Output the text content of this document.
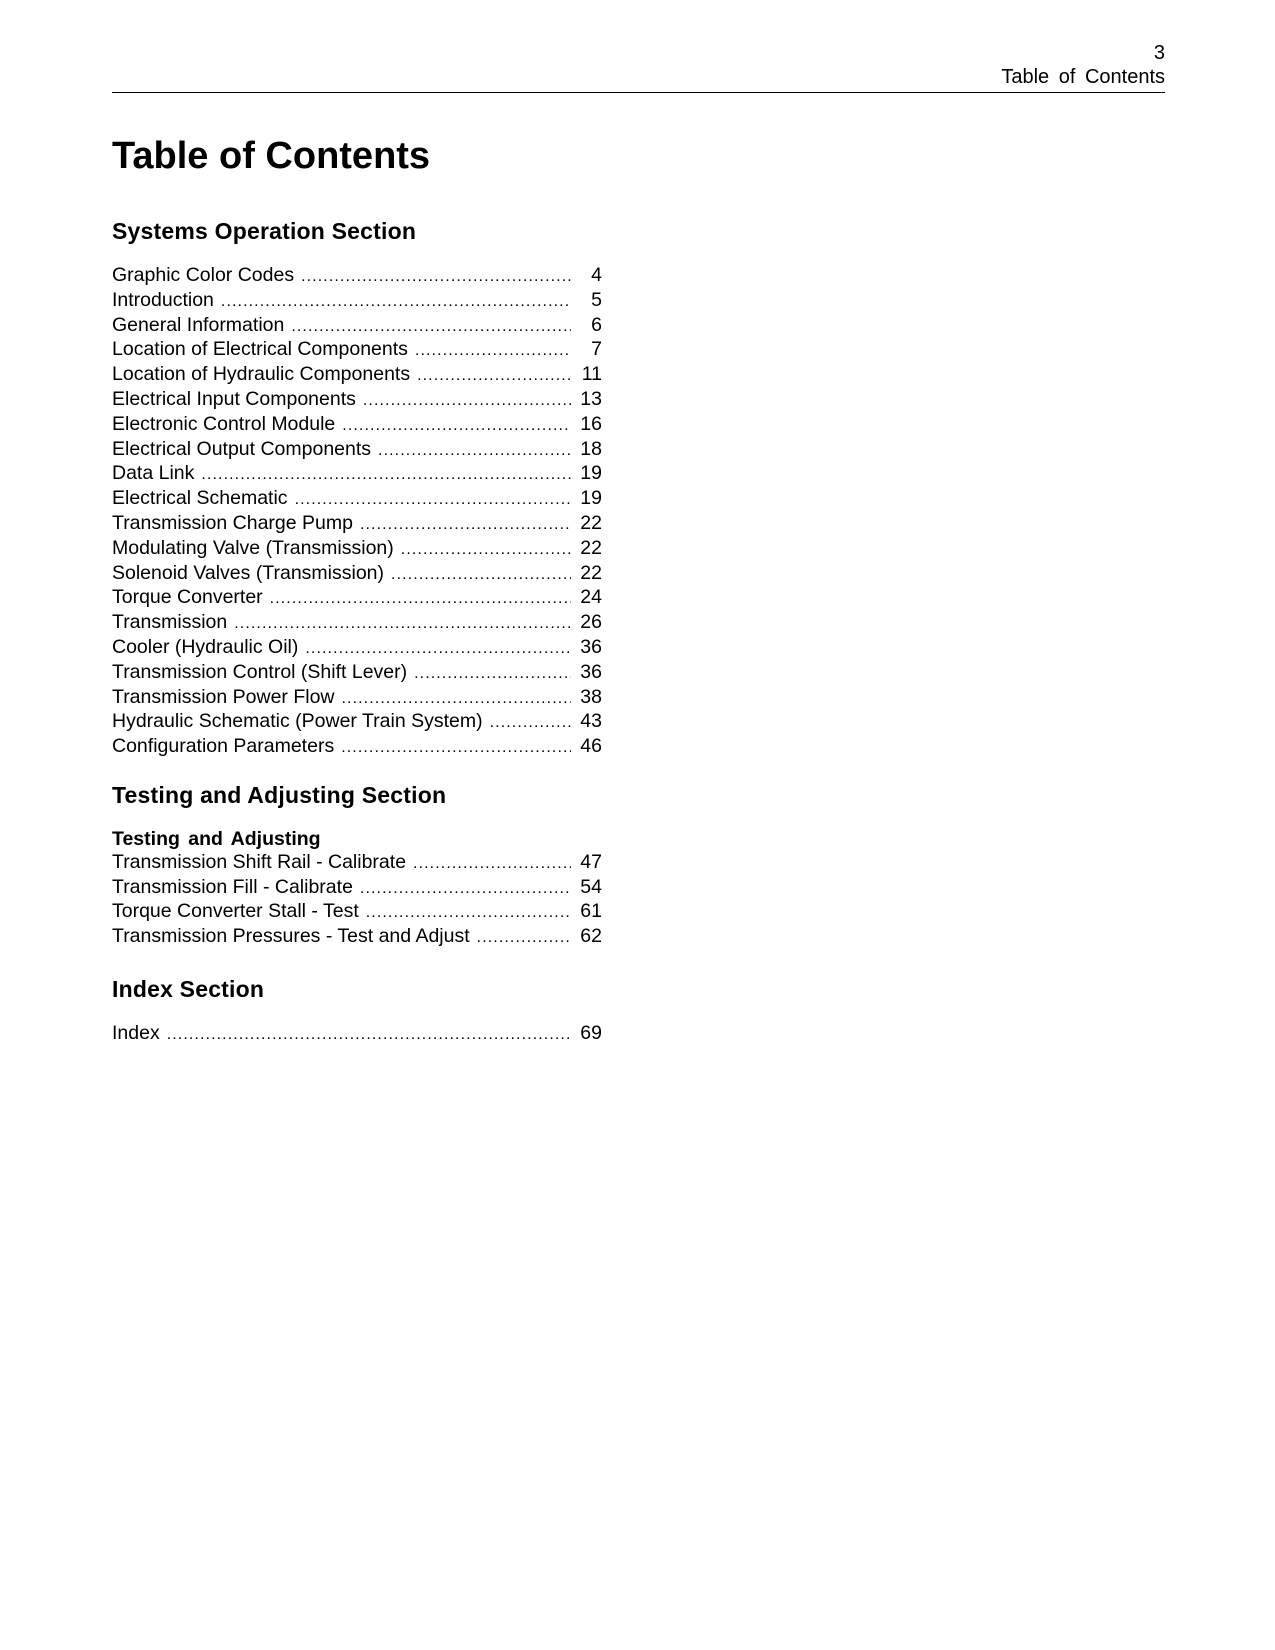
3
Table of Contents
Table of Contents
Systems Operation Section
Graphic Color Codes .....	4
Introduction .....	5
General Information .....	6
Location of Electrical Components .....	7
Location of Hydraulic Components .....	11
Electrical Input Components .....	13
Electronic Control Module .....	16
Electrical Output Components .....	18
Data Link .....	19
Electrical Schematic .....	19
Transmission Charge Pump .....	22
Modulating Valve (Transmission) .....	22
Solenoid Valves (Transmission) .....	22
Torque Converter .....	24
Transmission .....	26
Cooler (Hydraulic Oil) .....	36
Transmission Control (Shift Lever) .....	36
Transmission Power Flow .....	38
Hydraulic Schematic (Power Train System) .....	43
Configuration Parameters .....	46
Testing and Adjusting Section
Testing and Adjusting
Transmission Shift Rail - Calibrate .....	47
Transmission Fill - Calibrate .....	54
Torque Converter Stall - Test .....	61
Transmission Pressures - Test and Adjust .....	62
Index Section
Index .....	69
